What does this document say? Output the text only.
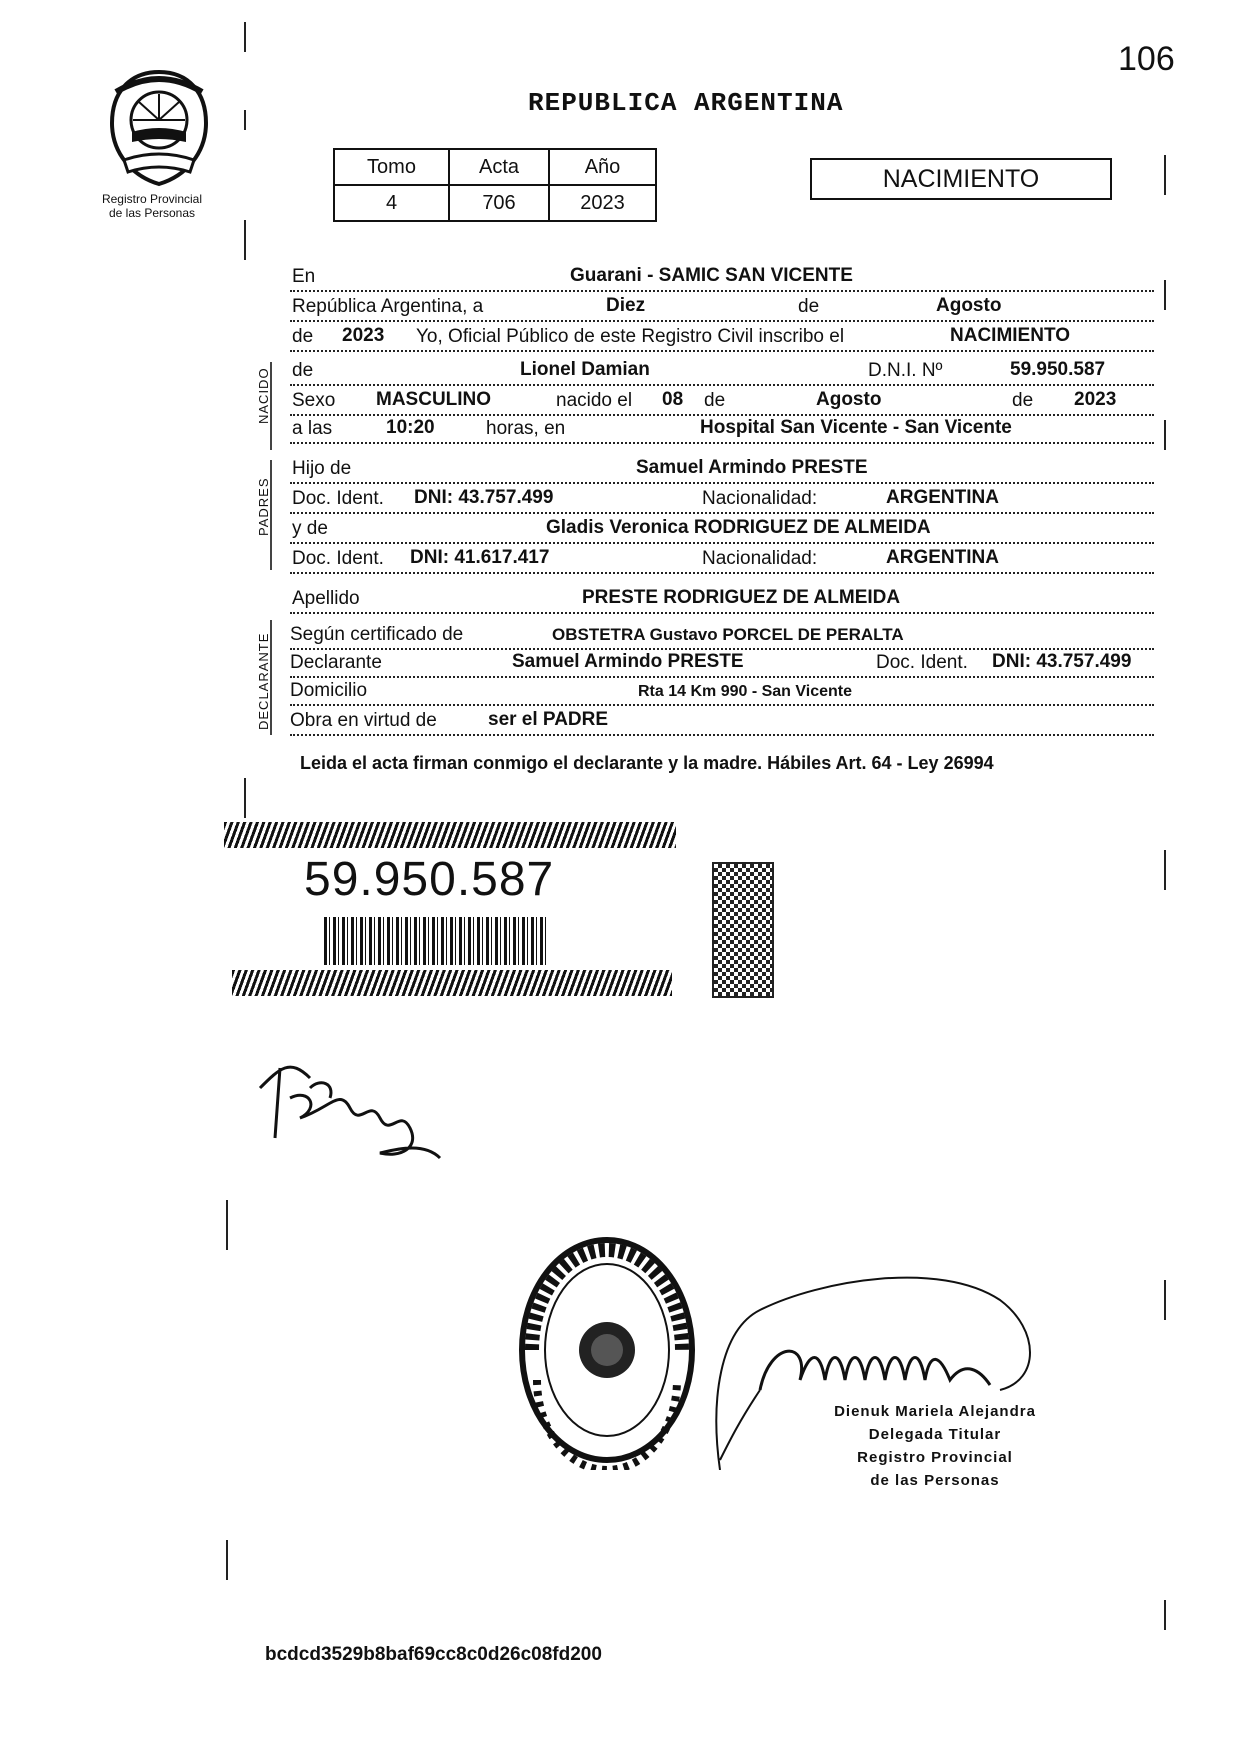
106
Registro Provincial
de las Personas
REPUBLICA ARGENTINA
Tomo	Acta	Año
4	706	2023
NACIMIENTO
NACIDO
PADRES
DECLARANTE
En	Guarani - SAMIC SAN VICENTE
República Argentina, a	Diez	de	Agosto
de 2023 Yo, Oficial Público de este Registro Civil inscribo el	NACIMIENTO
de	Lionel Damian	D.N.I. Nº	59.950.587
Sexo MASCULINO	nacido el 08 de	Agosto	de 2023
a las	10:20	horas, en	Hospital San Vicente - San Vicente
Hijo de	Samuel Armindo PRESTE
Doc. Ident. DNI: 43.757.499	Nacionalidad:	ARGENTINA
y de	Gladis Veronica RODRIGUEZ DE ALMEIDA
Doc. Ident. DNI: 41.617.417	Nacionalidad:	ARGENTINA
Apellido	PRESTE RODRIGUEZ DE ALMEIDA
Según certificado de	OBSTETRA Gustavo PORCEL DE PERALTA
Declarante	Samuel Armindo PRESTE	Doc. Ident. DNI: 43.757.499
Domicilio	Rta 14 Km 990 - San Vicente
Obra en virtud de	ser el PADRE
Leida el acta firman conmigo el declarante y la madre. Hábiles Art. 64 - Ley 26994
59.950.587
Dienuk Mariela Alejandra
Delegada Titular
Registro Provincial
de las Personas
bcdcd3529b8baf69cc8c0d26c08fd200
